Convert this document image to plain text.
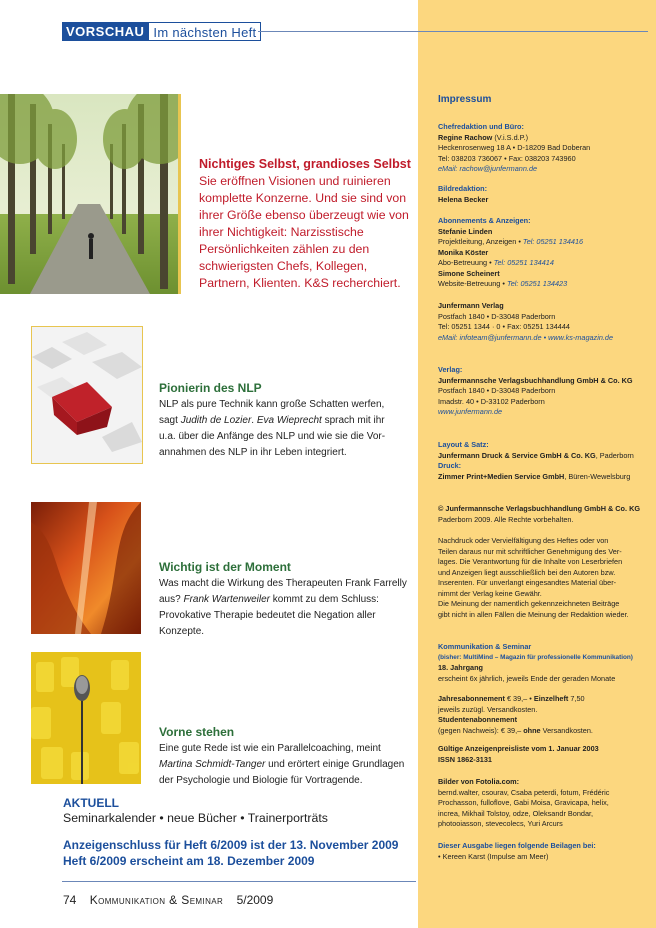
VORSCHAU Im nächsten Heft
Nichtiges Selbst, grandioses Selbst
Sie eröffnen Visionen und ruinieren komplette Konzerne. Und sie sind von ihrer Größe ebenso überzeugt wie von ihrer Nichtigkeit: Narzisstische Persönlichkeiten zählen zu den schwierigsten Chefs, Kollegen, Partnern, Klienten. K&S recherchiert.
Pionierin des NLP
NLP als pure Technik kann große Schatten werfen,
sagt Judith de Lozier. Eva Wieprecht sprach mit ihr
u.a. über die Anfänge des NLP und wie sie die Vor-
annahmen des NLP in ihr Leben integriert.
Wichtig ist der Moment
Was macht die Wirkung des Therapeuten Frank Farrelly
aus? Frank Wartenweiler kommt zu dem Schluss:
Provokative Therapie bedeutet die Negation aller
Konzepte.
Vorne stehen
Eine gute Rede ist wie ein Parallelcoaching, meint
Martina Schmidt-Tanger und erörtert einige Grundlagen
der Psychologie und Biologie für Vortragende.
AKTUELL
Seminarkalender • neue Bücher • Trainerporträts
Anzeigenschluss für Heft 6/2009 ist der 13. November 2009
Heft 6/2009 erscheint am 18. Dezember 2009
74 Kommunikation & Seminar 5/2009
Impressum
Chefredaktion und Büro:
Regine Rachow (V.i.S.d.P.)
Heckenrosenweg 18 A • D-18209 Bad Doberan
Tel: 038203 736067 • Fax: 038203 743960
eMail: rachow@junfermann.de
Bildredaktion:
Helena Becker
Abonnements & Anzeigen:
Stefanie Linden
Projektleitung, Anzeigen • Tel: 05251 134416
Monika Köster
Abo-Betreuung • Tel: 05251 134414
Simone Scheinert
Website-Betreuung • Tel: 05251 134423
Junfermann Verlag
Postfach 1840 • D-33048 Paderborn
Tel: 05251 1344 · 0 • Fax: 05251 134444
eMail: infoteam@junfermann.de • www.ks-magazin.de
Verlag:
Junfermannsche Verlagsbuchhandlung GmbH & Co. KG
Postfach 1840 • D-33048 Paderborn
Imadstr. 40 • D-33102 Paderborn
www.junfermann.de
Layout & Satz:
Junfermann Druck & Service GmbH & Co. KG, Paderborn
Druck:
Zimmer Print+Medien Service GmbH, Büren-Wewelsburg
© Junfermannsche Verlagsbuchhandlung GmbH & Co. KG
Paderborn 2009. Alle Rechte vorbehalten.
Nachdruck oder Vervielfältigung des Heftes oder von
Teilen daraus nur mit schriftlicher Genehmigung des Ver-
lages. Die Verantwortung für die Inhalte von Leserbriefen
und Anzeigen liegt ausschließlich bei den Autoren bzw.
Inserenten. Für unverlangt eingesandtes Material über-
nimmt der Verlag keine Gewähr.
Die Meinung der namentlich gekennzeichneten Beiträge
gibt nicht in allen Fällen die Meinung der Redaktion wieder.
Kommunikation & Seminar
(bisher: MultiMind – Magazin für professionelle Kommunikation)
18. Jahrgang
erscheint 6x jährlich, jeweils Ende der geraden Monate
Jahresabonnement € 39,– • Einzelheft 7,50
jeweils zuzügl. Versandkosten.
Studentenabonnement
(gegen Nachweis): € 39,– ohne Versandkosten.
Gültige Anzeigenpreisliste vom 1. Januar 2003
ISSN 1862-3131
Bilder von Fotolia.com:
bernd.walter, csourav, Csaba peterdi, fotum, Frédéric
Prochasson, fulloflove, Gabi Moisa, Gravicapa, helix,
increa, Mikhail Tolstoy, odze, Oleksandr Bondar,
photooiasson, stevecolecs, Yuri Arcurs
Dieser Ausgabe liegen folgende Beilagen bei:
• Kereen Karst (Impulse am Meer)
